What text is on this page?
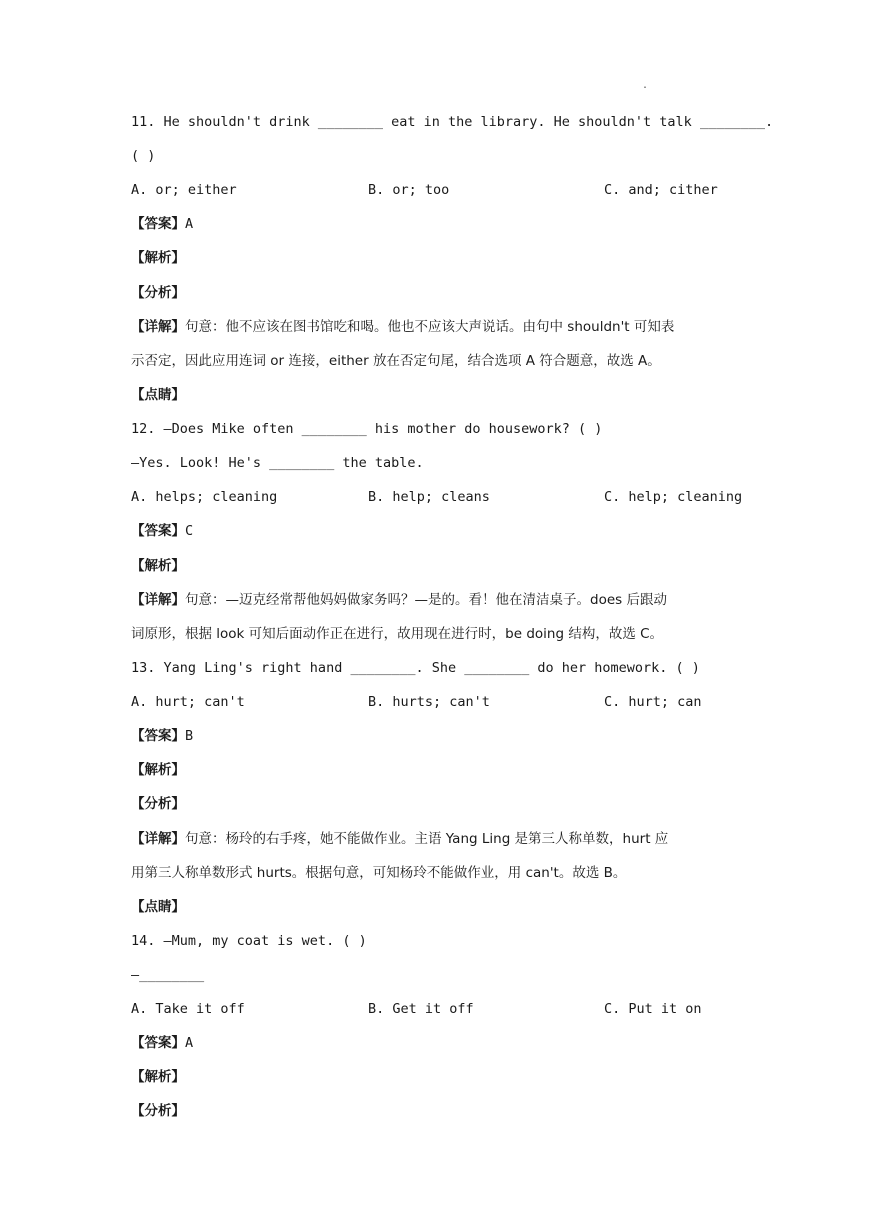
.
11. He shouldn't drink ________ eat in the library. He shouldn't talk ________.
( )
A. or; either	B. or; too	C. and; cither
【答案】A
【解析】
【分析】
【详解】句意：他不应该在图书馆吃和喝。他也不应该大声说话。由句中 shouldn't 可知表
示否定，因此应用连词 or 连接，either 放在否定句尾，结合选项 A 符合题意，故选 A。
【点睛】
12. —Does Mike often ________ his mother do housework? ( )
—Yes. Look! He's ________ the table.
A. helps; cleaning	B. help; cleans	C. help; cleaning
【答案】C
【解析】
【详解】句意：—迈克经常帮他妈妈做家务吗？—是的。看！他在清洁桌子。does 后跟动
词原形，根据 look 可知后面动作正在进行，故用现在进行时，be doing 结构，故选 C。
13. Yang Ling's right hand ________. She ________ do her homework. ( )
A. hurt; can't	B. hurts; can't	C. hurt; can
【答案】B
【解析】
【分析】
【详解】句意：杨玲的右手疼，她不能做作业。主语 Yang Ling 是第三人称单数，hurt 应
用第三人称单数形式 hurts。根据句意，可知杨玲不能做作业，用 can't。故选 B。
【点睛】
14. —Mum, my coat is wet. ( )
—________
A. Take it off	B. Get it off	C. Put it on
【答案】A
【解析】
【分析】
